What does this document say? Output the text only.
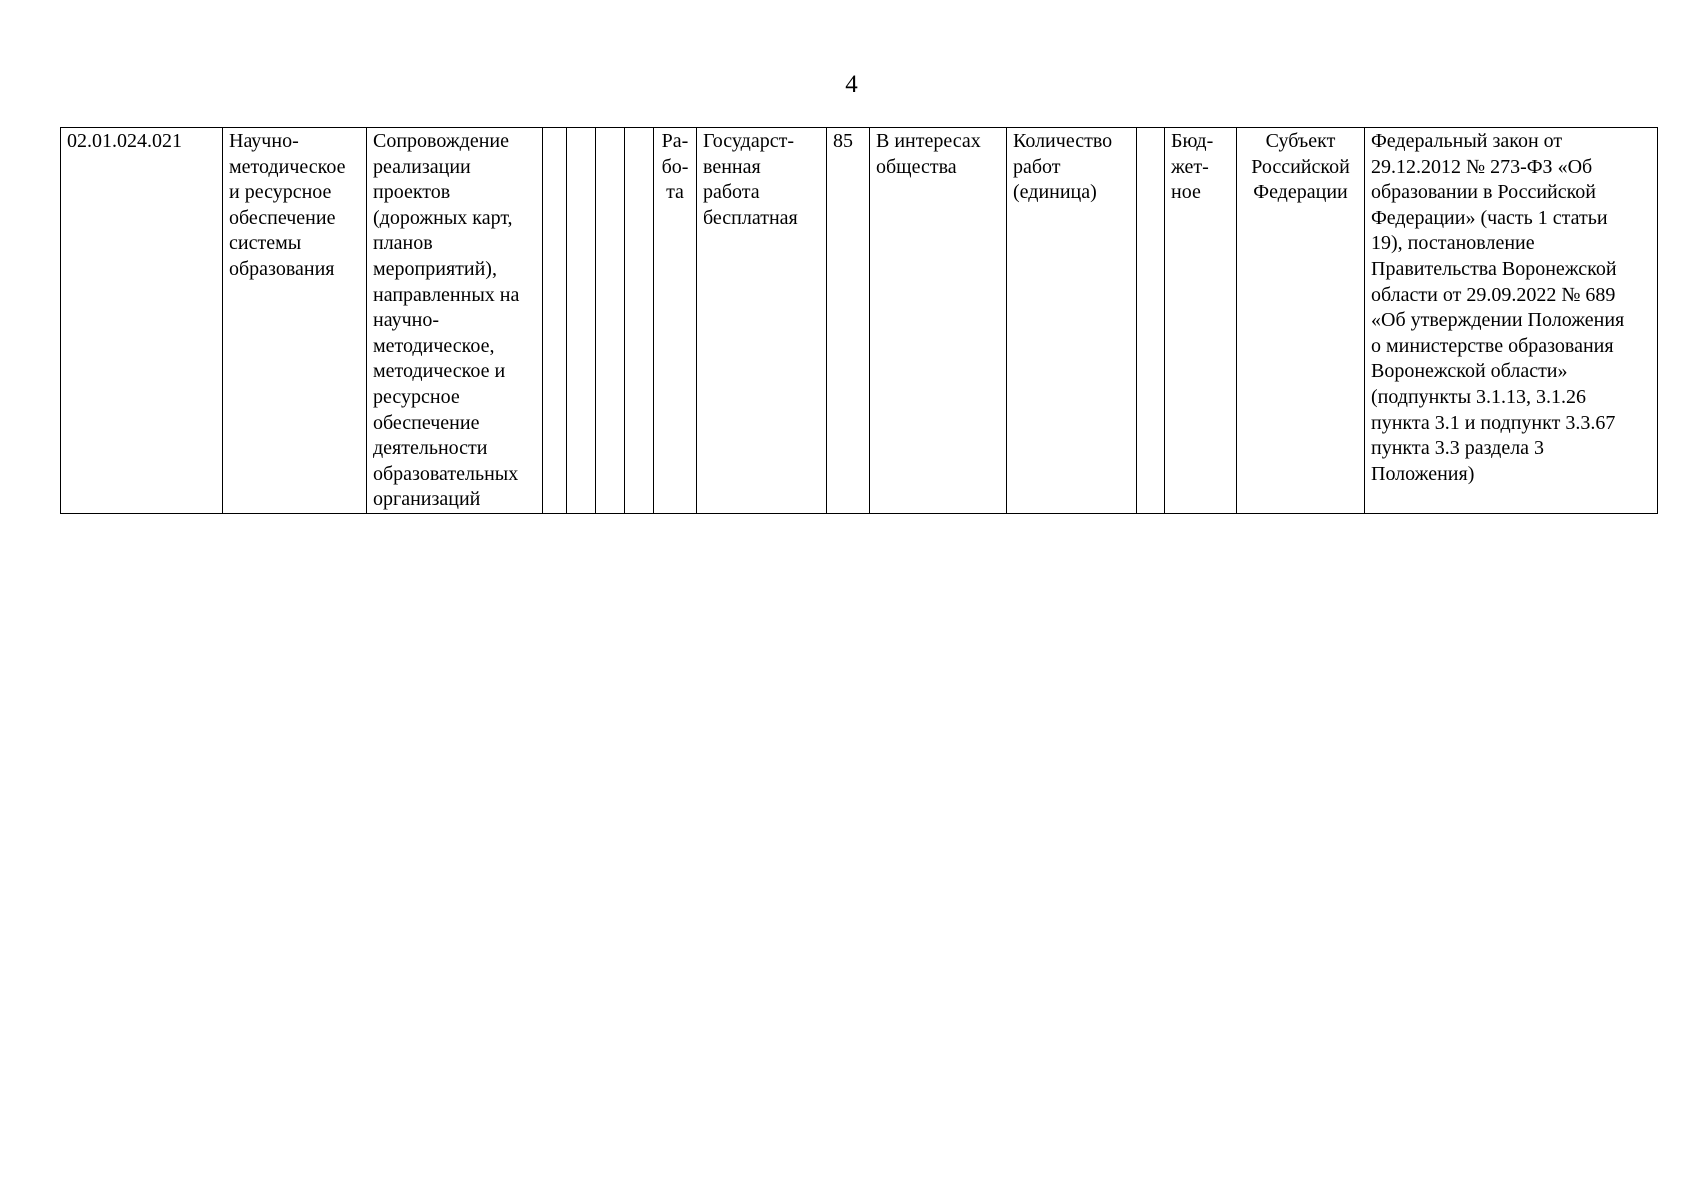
4
02.01.024.021	Научно-
методическое
и ресурсное
обеспечение
системы
образования	Сопровождение
реализации
проектов
(дорожных карт,
планов
мероприятий),
направленных на
научно-
методическое,
методическое и
ресурсное
обеспечение
деятельности
образовательных
организаций					Ра-
бо-
та	Государст-
венная
работа
бесплатная	85	В интересах
общества	Количество
работ
(единица)		Бюд-
жет-
ное	Субъект
Российской
Федерации	Федеральный закон от
29.12.2012 № 273-ФЗ «Об
образовании в Российской
Федерации» (часть 1 статьи
19), постановление
Правительства Воронежской
области от 29.09.2022 № 689
«Об утверждении Положения
о министерстве образования
Воронежской области»
(подпункты 3.1.13, 3.1.26
пункта 3.1 и подпункт 3.3.67
пункта 3.3 раздела 3
Положения)
